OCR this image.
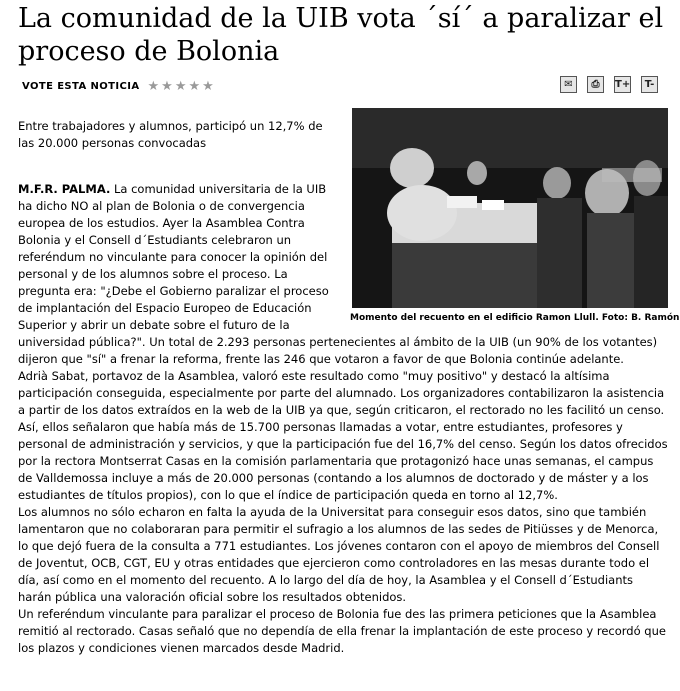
La comunidad de la UIB vota ´sí´ a paralizar el proceso de Bolonia
VOTE ESTA NOTICIA ★ ★ ★ ★ ★	✉	⎙	T+	T-

Entre trabajadores y alumnos, participó un 12,7% de las 20.000 personas convocadas

Momento del recuento en el edificio Ramon Llull. Foto: B. Ramón

M.F.R. PALMA. La comunidad universitaria de la UIB ha dicho NO al plan de Bolonia o de convergencia europea de los estudios. Ayer la Asamblea Contra Bolonia y el Consell d´Estudiants celebraron un referéndum no vinculante para conocer la opinión del personal y de los alumnos sobre el proceso. La pregunta era: "¿Debe el Gobierno paralizar el proceso de implantación del Espacio Europeo de Educación Superior y abrir un debate sobre el futuro de la

universidad pública?". Un total de 2.293 personas pertenecientes al ámbito de la UIB (un 90% de los votantes) dijeron que "sí" a frenar la reforma, frente las 246 que votaron a favor de que Bolonia continúe adelante.

Adrià Sabat, portavoz de la Asamblea, valoró este resultado como "muy positivo" y destacó la altísima participación conseguida, especialmente por parte del alumnado. Los organizadores contabilizaron la asistencia a partir de los datos extraídos en la web de la UIB ya que, según criticaron, el rectorado no les facilitó un censo. Así, ellos señalaron que había más de 15.700 personas llamadas a votar, entre estudiantes, profesores y personal de administración y servicios, y que la participación fue del 16,7% del censo. Según los datos ofrecidos por la rectora Montserrat Casas en la comisión parlamentaria que protagonizó hace unas semanas, el campus de Valldemossa incluye a más de 20.000 personas (contando a los alumnos de doctorado y de máster y a los estudiantes de títulos propios), con lo que el índice de participación queda en torno al 12,7%.

Los alumnos no sólo echaron en falta la ayuda de la Universitat para conseguir esos datos, sino que también lamentaron que no colaboraran para permitir el sufragio a los alumnos de las sedes de Pitiüsses y de Menorca, lo que dejó fuera de la consulta a 771 estudiantes. Los jóvenes contaron con el apoyo de miembros del Consell de Joventut, OCB, CGT, EU y otras entidades que ejercieron como controladores en las mesas durante todo el día, así como en el momento del recuento. A lo largo del día de hoy, la Asamblea y el Consell d´Estudiants harán pública una valoración oficial sobre los resultados obtenidos.

Un referéndum vinculante para paralizar el proceso de Bolonia fue des las primera peticiones que la Asamblea remitió al rectorado. Casas señaló que no dependía de ella frenar la implantación de este proceso y recordó que los plazos y condiciones vienen marcados desde Madrid.
